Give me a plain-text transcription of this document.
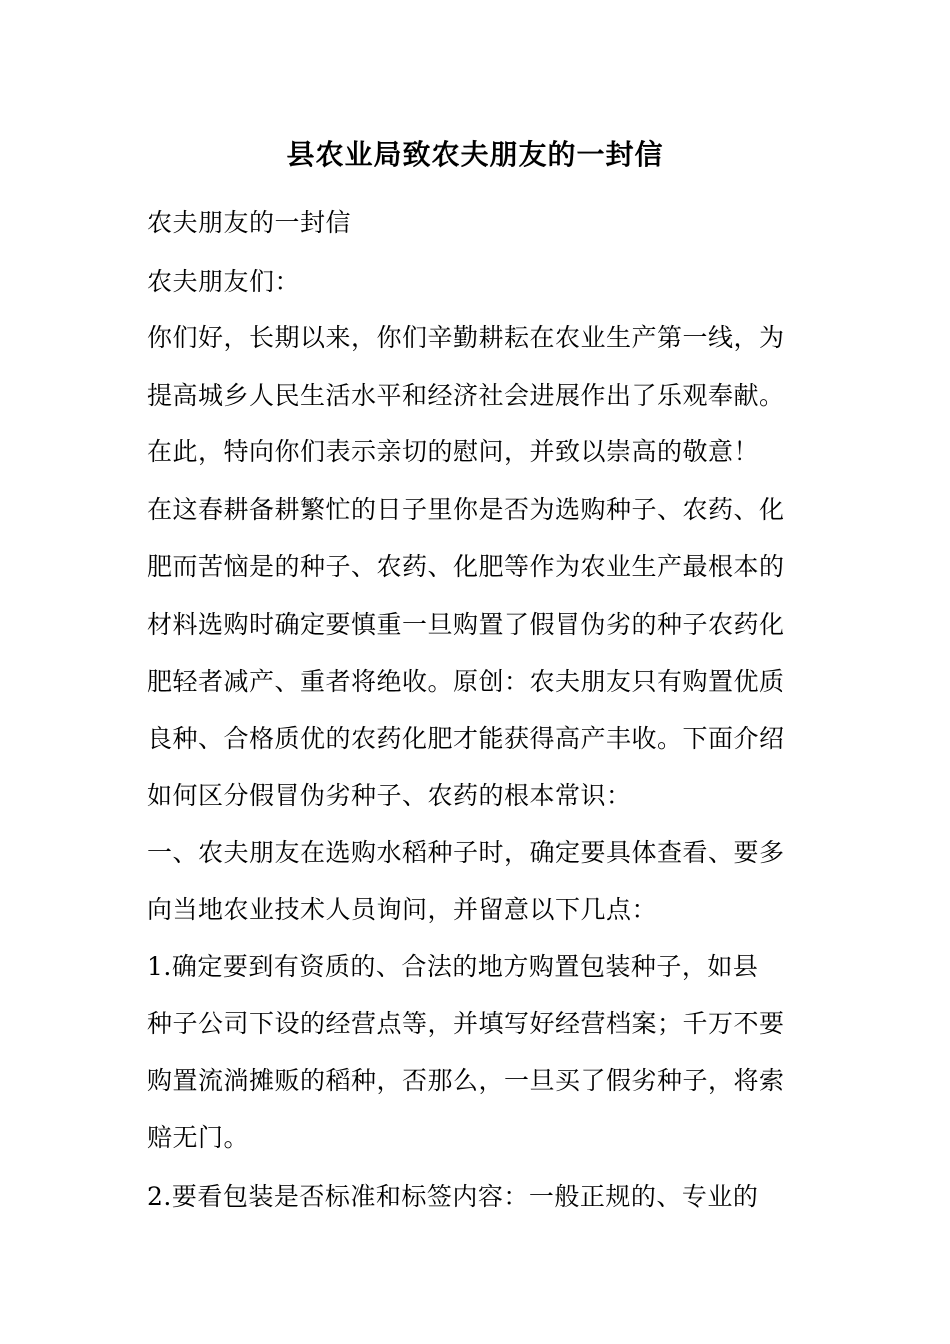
县农业局致农夫朋友的一封信
农夫朋友的一封信
农夫朋友们：
你们好，长期以来，你们辛勤耕耘在农业生产第一线，为
提高城乡人民生活水平和经济社会进展作出了乐观奉献。
在此，特向你们表示亲切的慰问，并致以崇高的敬意！
在这春耕备耕繁忙的日子里你是否为选购种子、农药、化
肥而苦恼是的种子、农药、化肥等作为农业生产最根本的
材料选购时确定要慎重一旦购置了假冒伪劣的种子农药化
肥轻者减产、重者将绝收。原创：农夫朋友只有购置优质
良种、合格质优的农药化肥才能获得高产丰收。下面介绍
如何区分假冒伪劣种子、农药的根本常识：
一、农夫朋友在选购水稻种子时，确定要具体查看、要多
向当地农业技术人员询问，并留意以下几点：
1.确定要到有资质的、合法的地方购置包装种子，如县
种子公司下设的经营点等，并填写好经营档案；千万不要
购置流淌摊贩的稻种，否那么，一旦买了假劣种子，将索
赔无门。
2.要看包装是否标准和标签内容：一般正规的、专业的
